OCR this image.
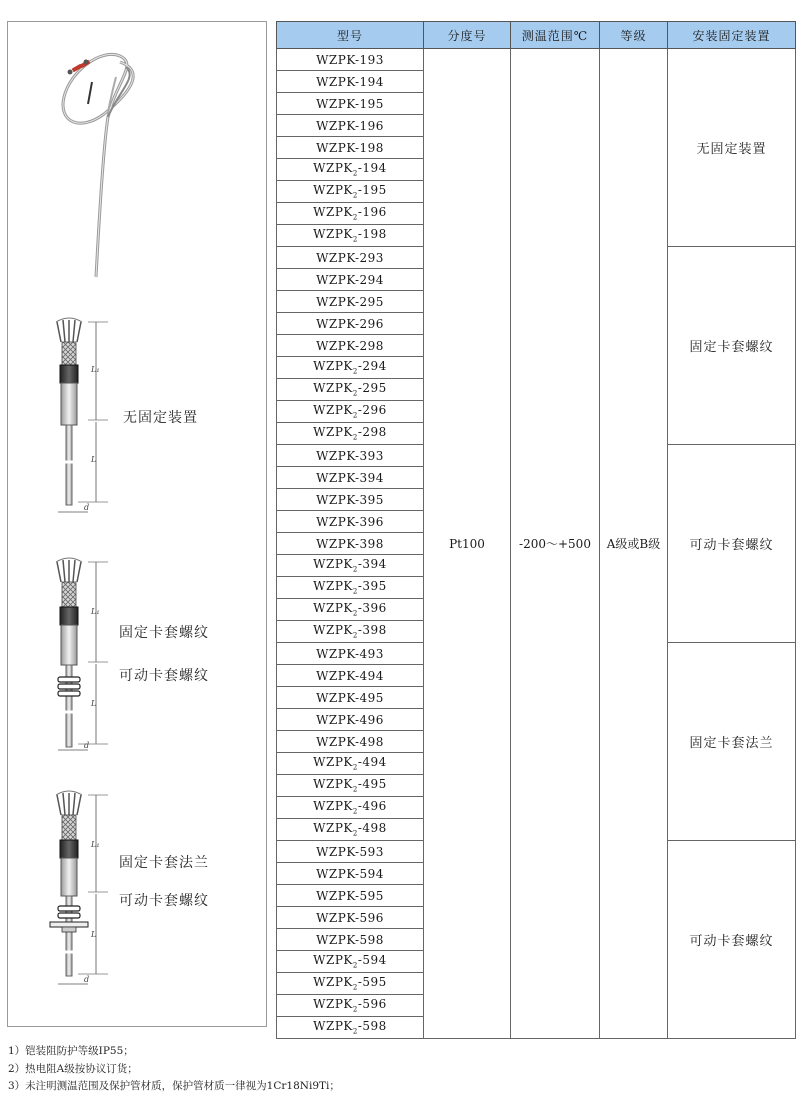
L₁
L
d
L₁
L
d
L₁
L
d
无固定装置
固定卡套螺纹
可动卡套螺纹
固定卡套法兰
可动卡套螺纹
型号	分度号	测温范围℃	等级	安装固定装置
WZPK-193	Pt100	-200～+500	A级或B级	无固定装置
WZPK-194				
WZPK-195				
WZPK-196				
WZPK-198				
$WZPK_2-194$				
$WZPK_2-195$				
$WZPK_2-196$				
$WZPK_2-198$				
WZPK-293				固定卡套螺纹
WZPK-294				
WZPK-295				
WZPK-296				
WZPK-298				
$WZPK_2-294$				
$WZPK_2-295$				
$WZPK_2-296$				
$WZPK_2-298$				
WZPK-393				可动卡套螺纹
WZPK-394				
WZPK-395				
WZPK-396				
WZPK-398				
$WZPK_2-394$				
$WZPK_2-395$				
$WZPK_2-396$				
$WZPK_2-398$				
WZPK-493				固定卡套法兰
WZPK-494				
WZPK-495				
WZPK-496				
WZPK-498				
$WZPK_2-494$				
$WZPK_2-495$				
$WZPK_2-496$				
$WZPK_2-498$				
WZPK-593				可动卡套螺纹
WZPK-594				
WZPK-595				
WZPK-596				
WZPK-598				
$WZPK_2-594$				
$WZPK_2-595$				
$WZPK_2-596$				
$WZPK_2-598$				
1）铠装阻防护等级IP55；
2）热电阻A级按协议订货；
3）未注明测温范围及保护管材质，保护管材质一律视为1Cr18Ni9Ti；
